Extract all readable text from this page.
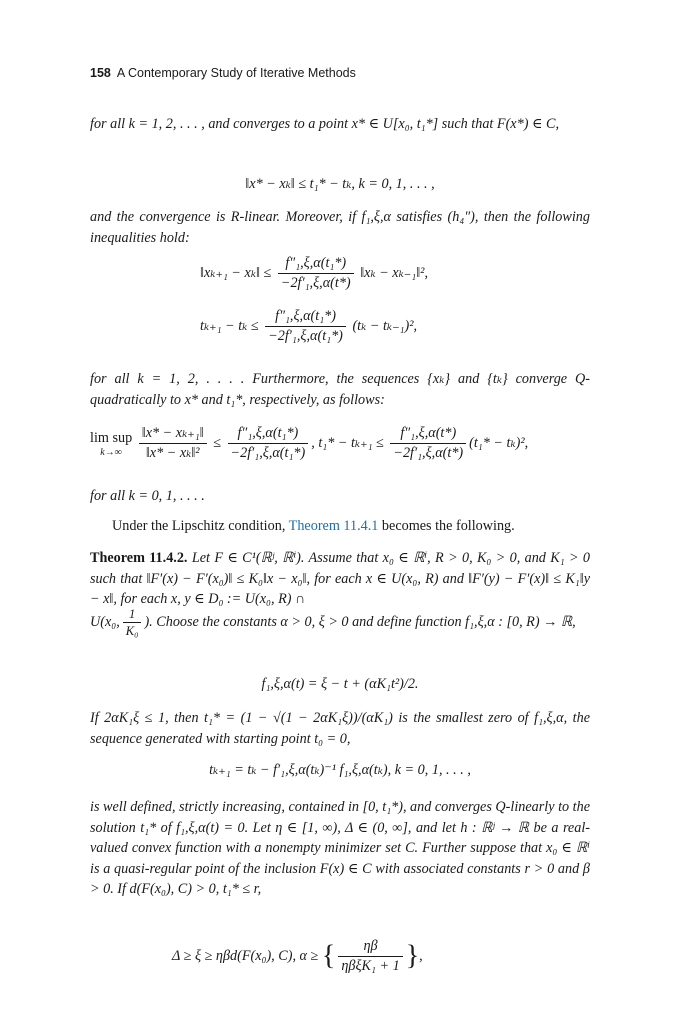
158 A Contemporary Study of Iterative Methods
for all k = 1, 2, . . . , and converges to a point x* ∈ U[x₀, t₁*] such that F(x*) ∈ C,
‖x* − xₖ‖ ≤ t₁* − tₖ, k = 0, 1, . . . ,
and the convergence is R-linear. Moreover, if f₁,ξ,α satisfies (h₄″), then the following inequalities hold:
‖xₖ₊₁ − xₖ‖ ≤ $\frac{\text{f″₁,ξ,α(t₁*)}}{\text{−2f′₁,ξ,α(t*)}}$ ‖xₖ − xₖ₋₁‖²,
$t_{k+1} - t_k \le \frac{\text{f″₁,ξ,α(t₁*)}}{\text{−2f′₁,ξ,α(t₁*)}} (t_k - t_{k-1})^2$,
for all k = 1, 2, . . . . Furthermore, the sequences {xₖ} and {tₖ} converge Q-quadratically to x* and t₁*, respectively, as follows:
lim sup
k→∞
	$\frac{\text{‖x* − xₖ₊₁‖}}{\text{‖x* − xₖ‖²}} \le \frac{\text{f″₁,ξ,α(t₁*)}}{\text{−2f′₁,ξ,α(t₁*)}}$ , $t_1* - t_{k+1} \le \frac{\text{f″₁,ξ,α(t*)}}{\text{−2f′₁,ξ,α(t*)}} (t_1* - t_k)^2$,
for all k = 0, 1, . . . .
Under the Lipschitz condition, Theorem 11.4.1 becomes the following.
Theorem 11.4.2. Let F ∈ C¹(ℝʲ, ℝⁱ). Assume that x₀ ∈ ℝⁱ, R > 0, K₀ > 0, and K₁ > 0 such that ‖F′(x) − F′(x₀)‖ ≤ K₀‖x − x₀‖, for each x ∈ U(x₀, R) and ‖F′(y) − F′(x)‖ ≤ K₁‖y − x‖, for each x, y ∈ D₀ := U(x₀, R) ∩
U(x₀, $\frac{1}{\text{K₀}}$ ). Choose the constants α > 0, ξ > 0 and define function f₁,ξ,α : [0, R) → ℝ,
f₁,ξ,α(t) = ξ − t + (αK₁t²)/2.
If 2αK₁ξ ≤ 1, then t₁* = (1 − √(1 − 2αK₁ξ))/(αK₁) is the smallest zero of f₁,ξ,α, the sequence generated with starting point t₀ = 0,
tₖ₊₁ = tₖ − f′₁,ξ,α(tₖ)⁻¹ f₁,ξ,α(tₖ), k = 0, 1, . . . ,
is well defined, strictly increasing, contained in [0, t₁*), and converges Q-linearly to the solution t₁* of f₁,ξ,α(t) = 0. Let η ∈ [1, ∞), Δ ∈ (0, ∞], and let h : ℝʲ → ℝ be a real-valued convex function with a nonempty minimizer set C. Further suppose that x₀ ∈ ℝⁱ is a quasi-regular point of the inclusion F(x) ∈ C with associated constants r > 0 and β > 0. If d(F(x₀), C) > 0, t₁* ≤ r,
Δ ≥ ξ ≥ ηβd(F(x₀), C), α ≥ { $\frac{\eta\beta}{\text{ηβξK₁ + 1}}$ },
